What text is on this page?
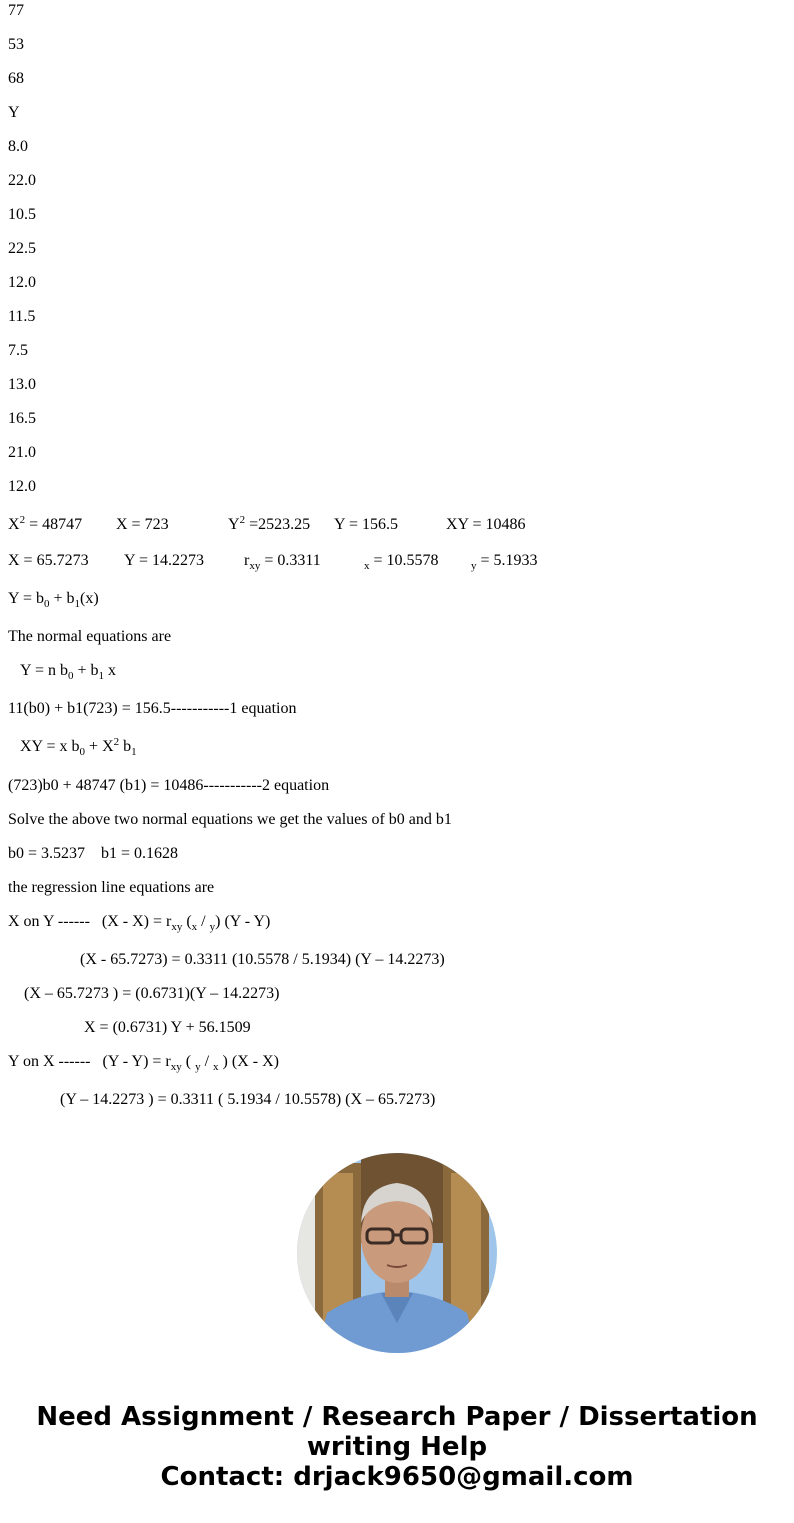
77
53
68
Y
8.0
22.0
10.5
22.5
12.0
11.5
7.5
13.0
16.5
21.0
12.0

$X^2 = 48747$

X = 723

	$Y^2 =2523.25$

Y = 156.5

	XY = 10486

X = 65.7273

Y = 14.2273

	$r_{xy} = 0.3311$

	$_x$ = 10.5578

	$_y$ = 5.1933

$Y = b_0 + b_1(x)$
The normal equations are
Y = n $b_0 + b_1$ x
11(b0) + b1(723) = 156.5-----------1 equation
XY = x $b_0 + X^2$ $b_1$
(723)b0 + 48747 (b1) = 10486-----------2 equation
Solve the above two normal equations we get the values of b0 and b1
b0 = 3.5237    b1 = 0.1628
the regression line equations are
X on Y ------   $(X - X) = r_{xy}$ $(_x / _y)$ (Y - Y)
(X - 65.7273) = 0.3311 (10.5578 / 5.1934) (Y – 14.2273)
(X – 65.7273 ) = (0.6731)(Y – 14.2273)
X = (0.6731) Y + 56.1509
Y on X ------   $(Y - Y) = r_{xy}$ ( $_y$ / $_x$ ) (X - X)
(Y – 14.2273 ) = 0.3311 ( 5.1934 / 10.5578) (X – 65.7273)
Need Assignment / Research Paper / Dissertation
writing Help
Contact: drjack9650@gmail.com
